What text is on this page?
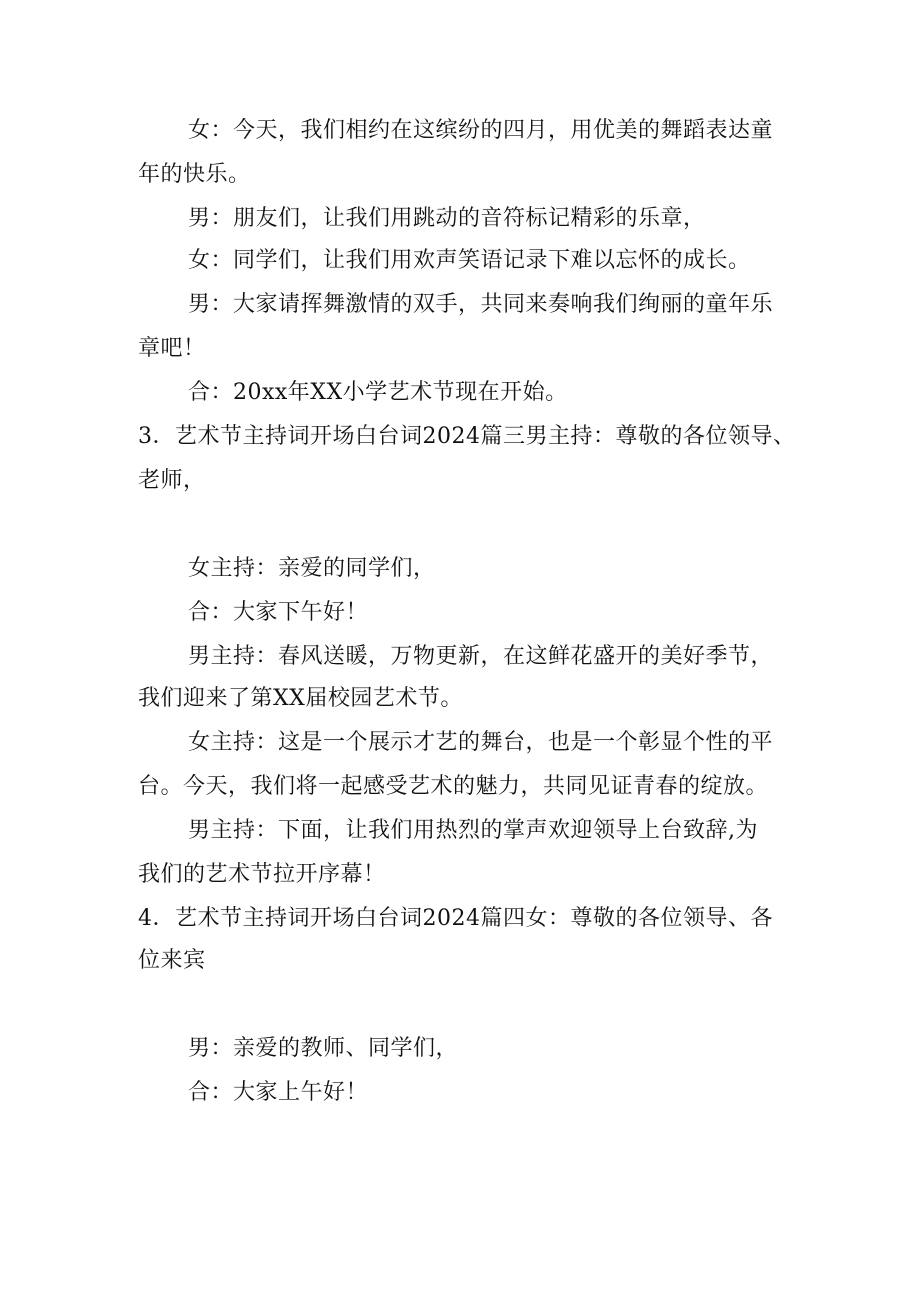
女：今天，我们相约在这缤纷的四月，用优美的舞蹈表达童
年的快乐。
男：朋友们，让我们用跳动的音符标记精彩的乐章，
女：同学们，让我们用欢声笑语记录下难以忘怀的成长。
男：大家请挥舞激情的双手，共同来奏响我们绚丽的童年乐
章吧！
合：20xx年XX小学艺术节现在开始。
3．艺术节主持词开场白台词2024篇三男主持：尊敬的各位领导、
老师，
女主持：亲爱的同学们，
合：大家下午好！
男主持：春风送暖，万物更新，在这鲜花盛开的美好季节，
我们迎来了第XX届校园艺术节。
女主持：这是一个展示才艺的舞台，也是一个彰显个性的平
台。今天，我们将一起感受艺术的魅力，共同见证青春的绽放。
男主持：下面，让我们用热烈的掌声欢迎领导上台致辞,为
我们的艺术节拉开序幕！
4．艺术节主持词开场白台词2024篇四女：尊敬的各位领导、各
位来宾
男：亲爱的教师、同学们，
合：大家上午好！
